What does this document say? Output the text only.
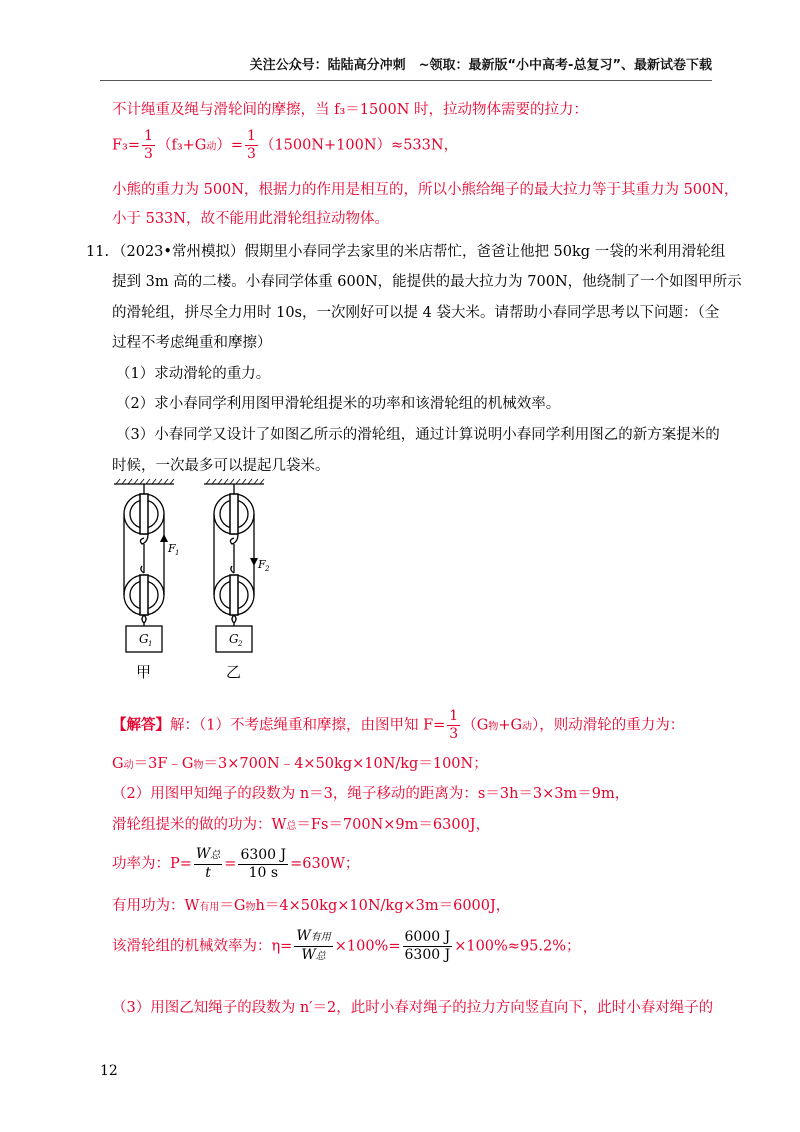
关注公众号：陆陆高分冲刺　~领取：最新版“小中高考-总复习”、最新试卷下载
不计绳重及绳与滑轮间的摩擦，当 f₃＝1500N 时，拉动物体需要的拉力：
$F_3= \frac{1}{3} (f_3+G$动）= $\frac{1}{3} (1500N+100N)\approx 533N$，
小熊的重力为 500N，根据力的作用是相互的，所以小熊给绳子的最大拉力等于其重力为 500N，
小于 533N，故不能用此滑轮组拉动物体。
11. （2023•常州模拟）假期里小春同学去家里的米店帮忙，爸爸让他把 50kg 一袋的米利用滑轮组
提到 3m 高的二楼。小春同学体重 600N，能提供的最大拉力为 700N，他绕制了一个如图甲所示
的滑轮组，拼尽全力用时 10s，一次刚好可以提 4 袋大米。请帮助小春同学思考以下问题：（全
过程不考虑绳重和摩擦）
（1）求动滑轮的重力。
（2）求小春同学利用图甲滑轮组提米的功率和该滑轮组的机械效率。
（3）小春同学又设计了如图乙所示的滑轮组，通过计算说明小春同学利用图乙的新方案提米的
时候，一次最多可以提起几袋米。
F 1
F 2
G 1	G 2
甲	乙
【解答】解：（1）不考虑绳重和摩擦，由图甲知 $F= \frac{1}{3} (G$物+G动），则动滑轮的重力为：
G动＝3F﹣G物＝3×700N﹣4×50kg×10N/kg＝100N；
（2）用图甲知绳子的段数为 n＝3，绳子移动的距离为：s＝3h＝3×3m＝9m，
滑轮组提米的做的功为：W总＝Fs＝700N×9m＝6300J，
功率为：$P= \frac{\text{W总}}{t} = \frac{6300 J}{10 s} =630W$；
有用功为：W有用＝G物h＝4×50kg×10N/kg×3m＝6000J，
该滑轮组的机械效率为：$\eta= \frac{\text{W有用}}{\text{W总}} \times 100\%= \frac{6000 J}{6300 J} \times 100\%\approx 95.2\%$；
（3）用图乙知绳子的段数为 n′＝2，此时小春对绳子的拉力方向竖直向下，此时小春对绳子的
12
